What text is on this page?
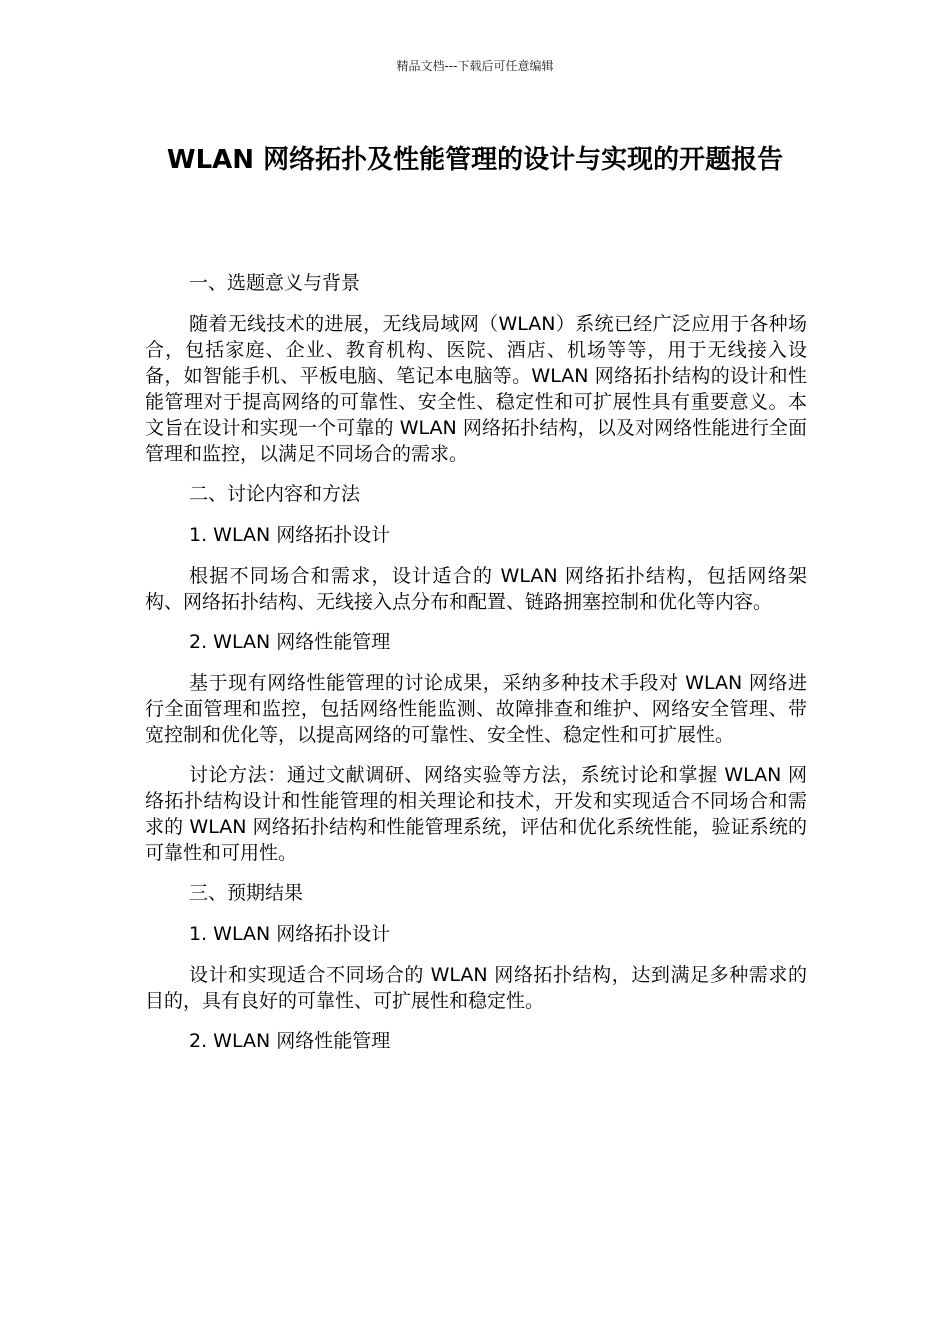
精品文档---下载后可任意编辑
WLAN 网络拓扑及性能管理的设计与实现的开题报告

一、选题意义与背景

随着无线技术的进展，无线局域网（WLAN）系统已经广泛应用于各种场合，包括家庭、企业、教育机构、医院、酒店、机场等等，用于无线接入设备，如智能手机、平板电脑、笔记本电脑等。WLAN 网络拓扑结构的设计和性能管理对于提高网络的可靠性、安全性、稳定性和可扩展性具有重要意义。本文旨在设计和实现一个可靠的 WLAN 网络拓扑结构，以及对网络性能进行全面管理和监控，以满足不同场合的需求。

二、讨论内容和方法

1. WLAN 网络拓扑设计

根据不同场合和需求，设计适合的 WLAN 网络拓扑结构，包括网络架构、网络拓扑结构、无线接入点分布和配置、链路拥塞控制和优化等内容。

2. WLAN 网络性能管理

基于现有网络性能管理的讨论成果，采纳多种技术手段对 WLAN 网络进行全面管理和监控，包括网络性能监测、故障排查和维护、网络安全管理、带宽控制和优化等，以提高网络的可靠性、安全性、稳定性和可扩展性。

讨论方法：通过文献调研、网络实验等方法，系统讨论和掌握 WLAN 网络拓扑结构设计和性能管理的相关理论和技术，开发和实现适合不同场合和需求的 WLAN 网络拓扑结构和性能管理系统，评估和优化系统性能，验证系统的可靠性和可用性。

三、预期结果

1. WLAN 网络拓扑设计

设计和实现适合不同场合的 WLAN 网络拓扑结构，达到满足多种需求的目的，具有良好的可靠性、可扩展性和稳定性。

2. WLAN 网络性能管理
